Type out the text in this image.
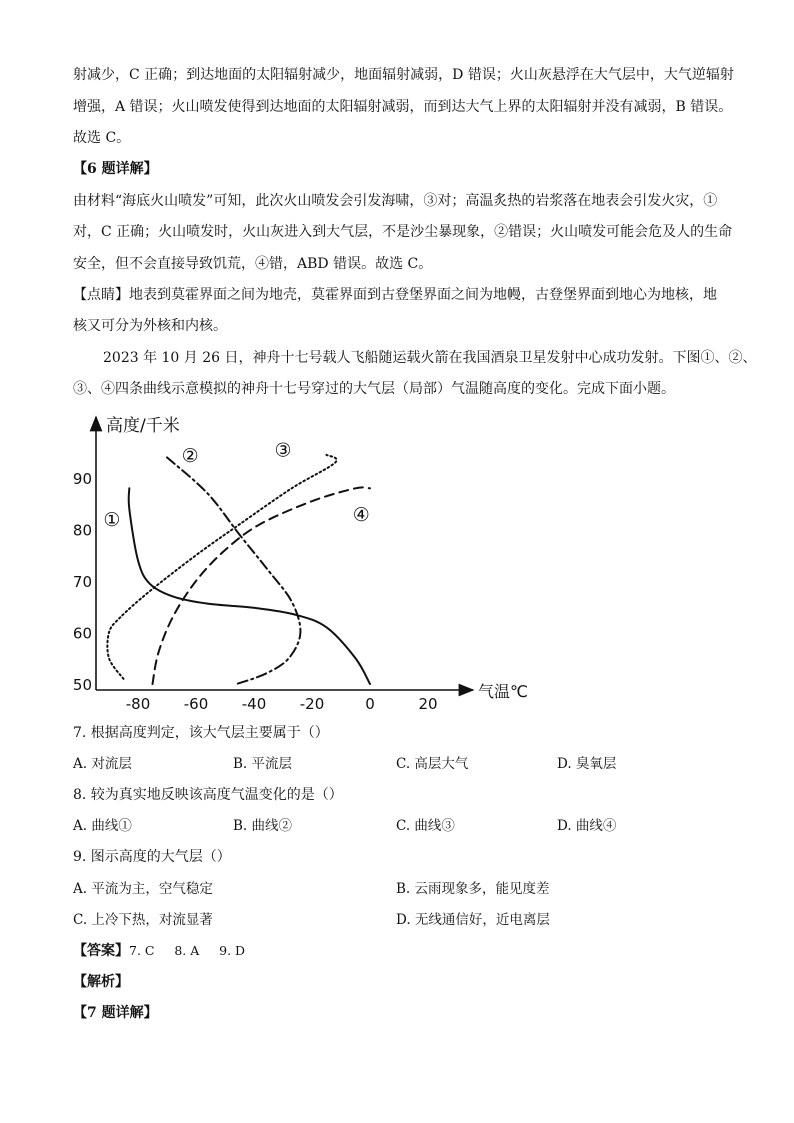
射减少，C 正确；到达地面的太阳辐射减少，地面辐射减弱，D 错误；火山灰悬浮在大气层中，大气逆辐射
增强，A 错误；火山喷发使得到达地面的太阳辐射减弱，而到达大气上界的太阳辐射并没有减弱，B 错误。
故选 C。
【6 题详解】
由材料“海底火山喷发”可知，此次火山喷发会引发海啸，③对；高温炙热的岩浆落在地表会引发火灾，①
对，C 正确；火山喷发时，火山灰进入到大气层，不是沙尘暴现象，②错误；火山喷发可能会危及人的生命
安全，但不会直接导致饥荒，④错，ABD 错误。故选 C。
【点睛】地表到莫霍界面之间为地壳，莫霍界面到古登堡界面之间为地幔，古登堡界面到地心为地核，地
核又可分为外核和内核。
2023 年 10 月 26 日，神舟十七号载人飞船随运载火箭在我国酒泉卫星发射中心成功发射。下图①、②、
③、④四条曲线示意模拟的神舟十七号穿过的大气层（局部）气温随高度的变化。完成下面小题。
高度/千米
气温℃
50
60
70
80
90
-80 -60 -40 -20	0	20
①
②	③
④
7. 根据高度判定，该大气层主要属于（）
A. 对流层	B. 平流层	C. 高层大气	D. 臭氧层
8. 较为真实地反映该高度气温变化的是（）
A. 曲线①	B. 曲线②	C. 曲线③	D. 曲线④
9. 图示高度的大气层（）
A. 平流为主，空气稳定	B. 云雨现象多，能见度差
C. 上冷下热，对流显著	D. 无线通信好，近电离层
【答案】7. C     8. A     9. D
【解析】
【7 题详解】
